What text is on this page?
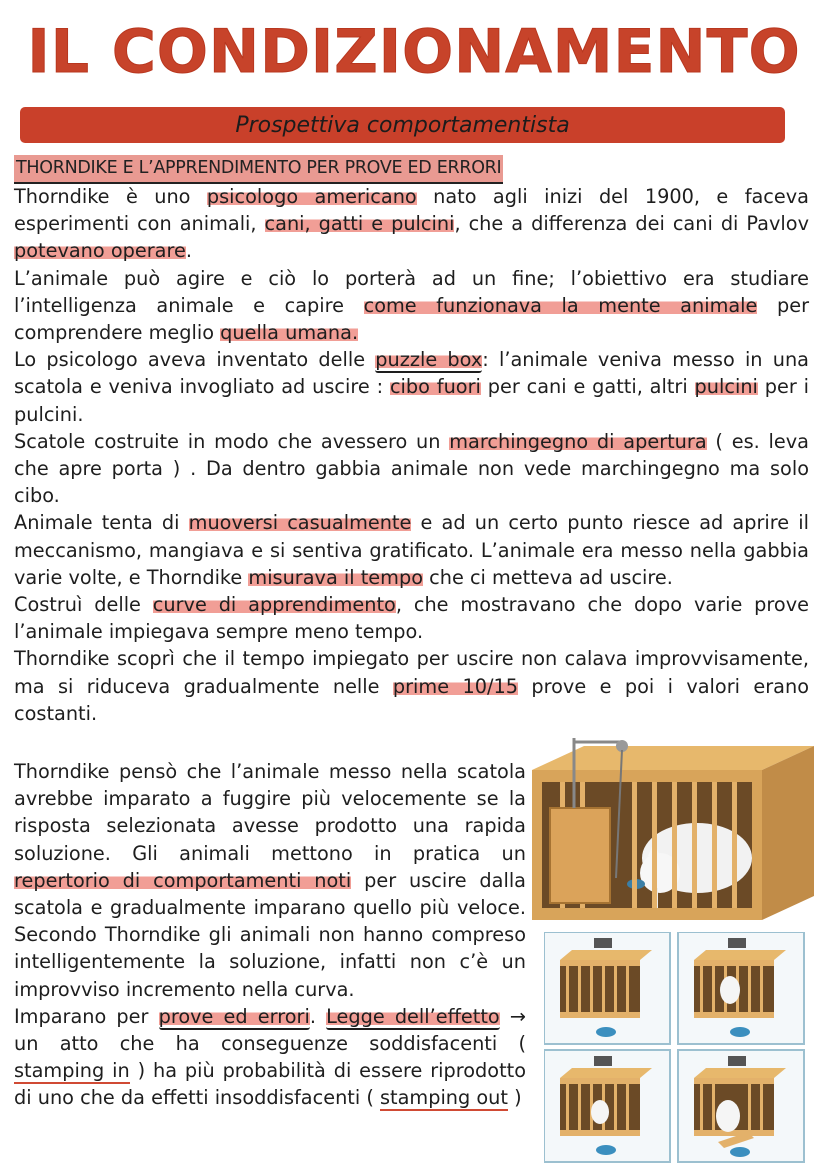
IL CONDIZIONAMENTO
Prospettiva comportamentista
THORNDIKE E L’APPRENDIMENTO PER PROVE ED ERRORI

Thorndike è uno psicologo americano nato agli inizi del 1900, e faceva esperimenti con animali, cani, gatti e pulcini, che a differenza dei cani di Pavlov potevano operare.

L’animale può agire e ciò lo porterà ad un fine; l’obiettivo era studiare l’intelligenza animale e capire come funzionava la mente animale per comprendere meglio quella umana.

Lo psicologo aveva inventato delle puzzle box: l’animale veniva messo in una scatola e veniva invogliato ad uscire : cibo fuori per cani e gatti, altri pulcini per i pulcini.

Scatole costruite in modo che avessero un marchingegno di apertura ( es. leva che apre porta ) . Da dentro gabbia animale non vede marchingegno ma solo cibo.

Animale tenta di muoversi casualmente e ad un certo punto riesce ad aprire il meccanismo, mangiava e si sentiva gratificato. L’animale era messo nella gabbia varie volte, e Thorndike misurava il tempo che ci metteva ad uscire.

Costruì delle curve di apprendimento, che mostravano che dopo varie prove l’animale impiegava sempre meno tempo.

Thorndike scoprì che il tempo impiegato per uscire non calava improvvisamente, ma si riduceva gradualmente nelle prime 10/15 prove e poi i valori erano costanti.

Thorndike pensò che l’animale messo nella scatola avrebbe imparato a fuggire più velocemente se la risposta selezionata avesse prodotto una rapida soluzione. Gli animali mettono in pratica un repertorio di comportamenti noti per uscire dalla scatola e gradualmente imparano quello più veloce. Secondo Thorndike gli animali non hanno compreso intelligentemente la soluzione, infatti non c’è un improvviso incremento nella curva.

Imparano per prove ed errori. Legge dell’effetto → un atto che ha conseguenze soddisfacenti ( stamping in ) ha più probabilità di essere riprodotto di uno che da effetti insoddisfacenti ( stamping out )
